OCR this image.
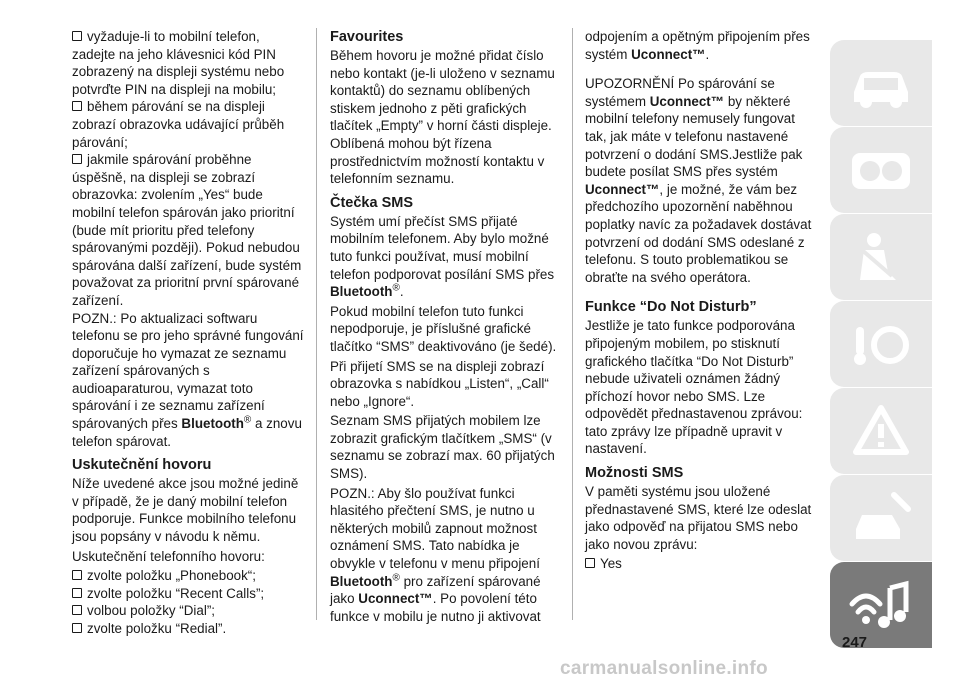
vyžaduje-li to mobilní telefon, zadejte na jeho klávesnici kód PIN zobrazený na displeji systému nebo potvrďte PIN na displeji na mobilu;

během párování se na displeji zobrazí obrazovka udávající průběh párování;

jakmile spárování proběhne úspěšně, na displeji se zobrazí obrazovka: zvolením „Yes“ bude mobilní telefon spárován jako prioritní (bude mít prioritu před telefony spárovanými později). Pokud nebudou spárována další zařízení, bude systém považovat za prioritní první spárované zařízení.

POZN.: Po aktualizaci softwaru telefonu se pro jeho správné fungování doporučuje ho vymazat ze seznamu zařízení spárovaných s audioaparaturou, vymazat toto spárování i ze seznamu zařízení spárovaných přes Bluetooth® a znovu telefon spárovat.

Uskutečnění hovoru

Níže uvedené akce jsou možné jedině v případě, že je daný mobilní telefon podporuje. Funkce mobilního telefonu jsou popsány v návodu k němu.

Uskutečnění telefonního hovoru:

zvolte položku „Phonebook“;

zvolte položku “Recent Calls”;

volbou položky “Dial”;

zvolte položku “Redial”.

Favourites

Během hovoru je možné přidat číslo nebo kontakt (je-li uloženo v seznamu kontaktů) do seznamu oblíbených stiskem jednoho z pěti grafických tlačítek „Empty” v horní části displeje. Oblíbená mohou být řízena prostřednictvím možností kontaktu v telefonním seznamu.

Čtečka SMS

Systém umí přečíst SMS přijaté mobilním telefonem. Aby bylo možné tuto funkci používat, musí mobilní telefon podporovat posílání SMS přes Bluetooth®.

Pokud mobilní telefon tuto funkci nepodporuje, je příslušné grafické tlačítko “SMS” deaktivováno (je šedé).

Při přijetí SMS se na displeji zobrazí obrazovka s nabídkou „Listen“, „Call“ nebo „Ignore“.

Seznam SMS přijatých mobilem lze zobrazit grafickým tlačítkem „SMS“ (v seznamu se zobrazí max. 60 přijatých SMS).

POZN.: Aby šlo používat funkci hlasitého přečtení SMS, je nutno u některých mobilů zapnout možnost oznámení SMS. Tato nabídka je obvykle v telefonu v menu připojení Bluetooth® pro zařízení spárované jako Uconnect™. Po povolení této funkce v mobilu je nutno ji aktivovat

odpojením a opětným připojením přes systém Uconnect™.

UPOZORNĚNÍ Po spárování se systémem Uconnect™ by některé mobilní telefony nemusely fungovat tak, jak máte v telefonu nastavené potvrzení o dodání SMS.Jestliže pak budete posílat SMS přes systém Uconnect™, je možné, že vám bez předchozího upozornění naběhnou poplatky navíc za požadavek dostávat potvrzení od dodání SMS odeslané z telefonu. S touto problematikou se obraťte na svého operátora.

Funkce “Do Not Disturb”

Jestliže je tato funkce podporována připojeným mobilem, po stisknutí grafického tlačítka “Do Not Disturb” nebude uživateli oznámen žádný příchozí hovor nebo SMS. Lze odpovědět přednastavenou zprávou: tato zprávy lze případně upravit v nastavení.

Možnosti SMS

V paměti systému jsou uložené přednastavené SMS, které lze odeslat jako odpověď na přijatou SMS nebo jako novou zprávu:

Yes

247
carmanualsonline.info
